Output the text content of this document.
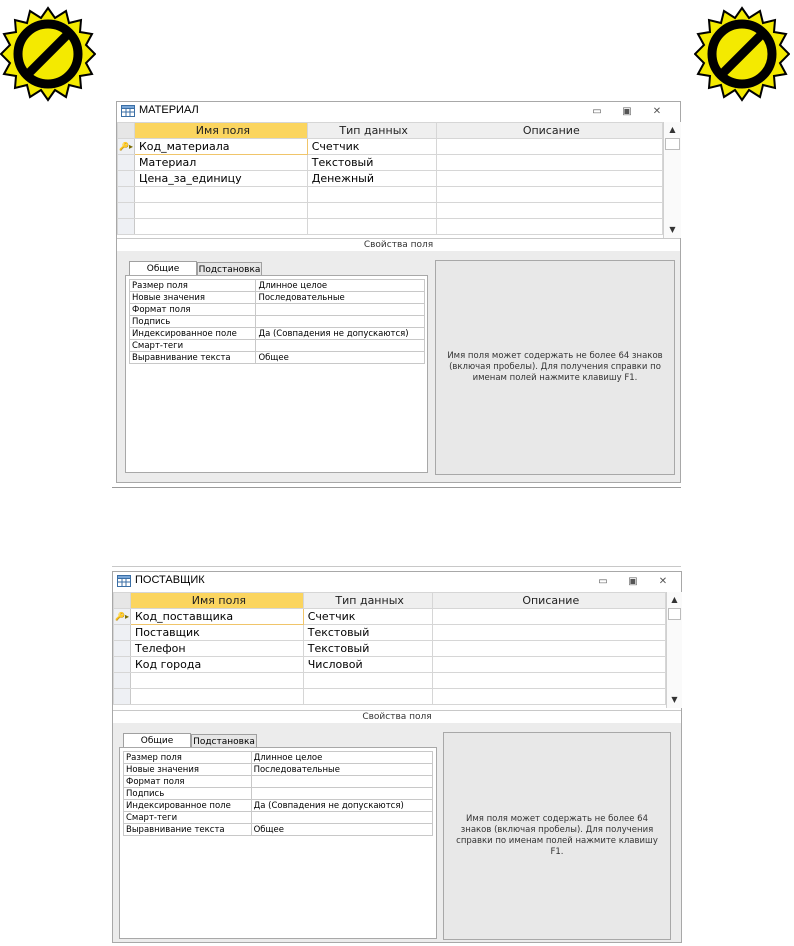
МАТЕРИАЛ	▭	▣	✕
	Имя поля	Тип данных	Описание
🔑▸	Код_материала	Счетчик	
	Материал	Текстовый	
	Цена_за_единицу	Денежный	

▲
▼
Свойства поля
Общие	Подстановка
Размер поля	Длинное целое
Новые значения	Последовательные
Формат поля	
Подпись	
Индексированное поле	Да (Совпадения не допускаются)
Смарт-теги	
Выравнивание текста	Общее	Имя поля может содержать не более 64 знаков (включая пробелы). Для получения справки по именам полей нажмите клавишу F1.
ПОСТАВЩИК	▭	▣	✕
	Имя поля	Тип данных	Описание
🔑▸	Код_поставщика	Счетчик	
	Поставщик	Текстовый	
	Телефон	Текстовый	
	Код города	Числовой	

▲
▼
Свойства поля
Общие	Подстановка
Размер поля	Длинное целое
Новые значения	Последовательные
Формат поля	
Подпись	
Индексированное поле	Да (Совпадения не допускаются)
Смарт-теги	
Выравнивание текста	Общее
Имя поля может содержать не более 64 знаков (включая пробелы). Для получения справки по именам полей нажмите клавишу F1.
